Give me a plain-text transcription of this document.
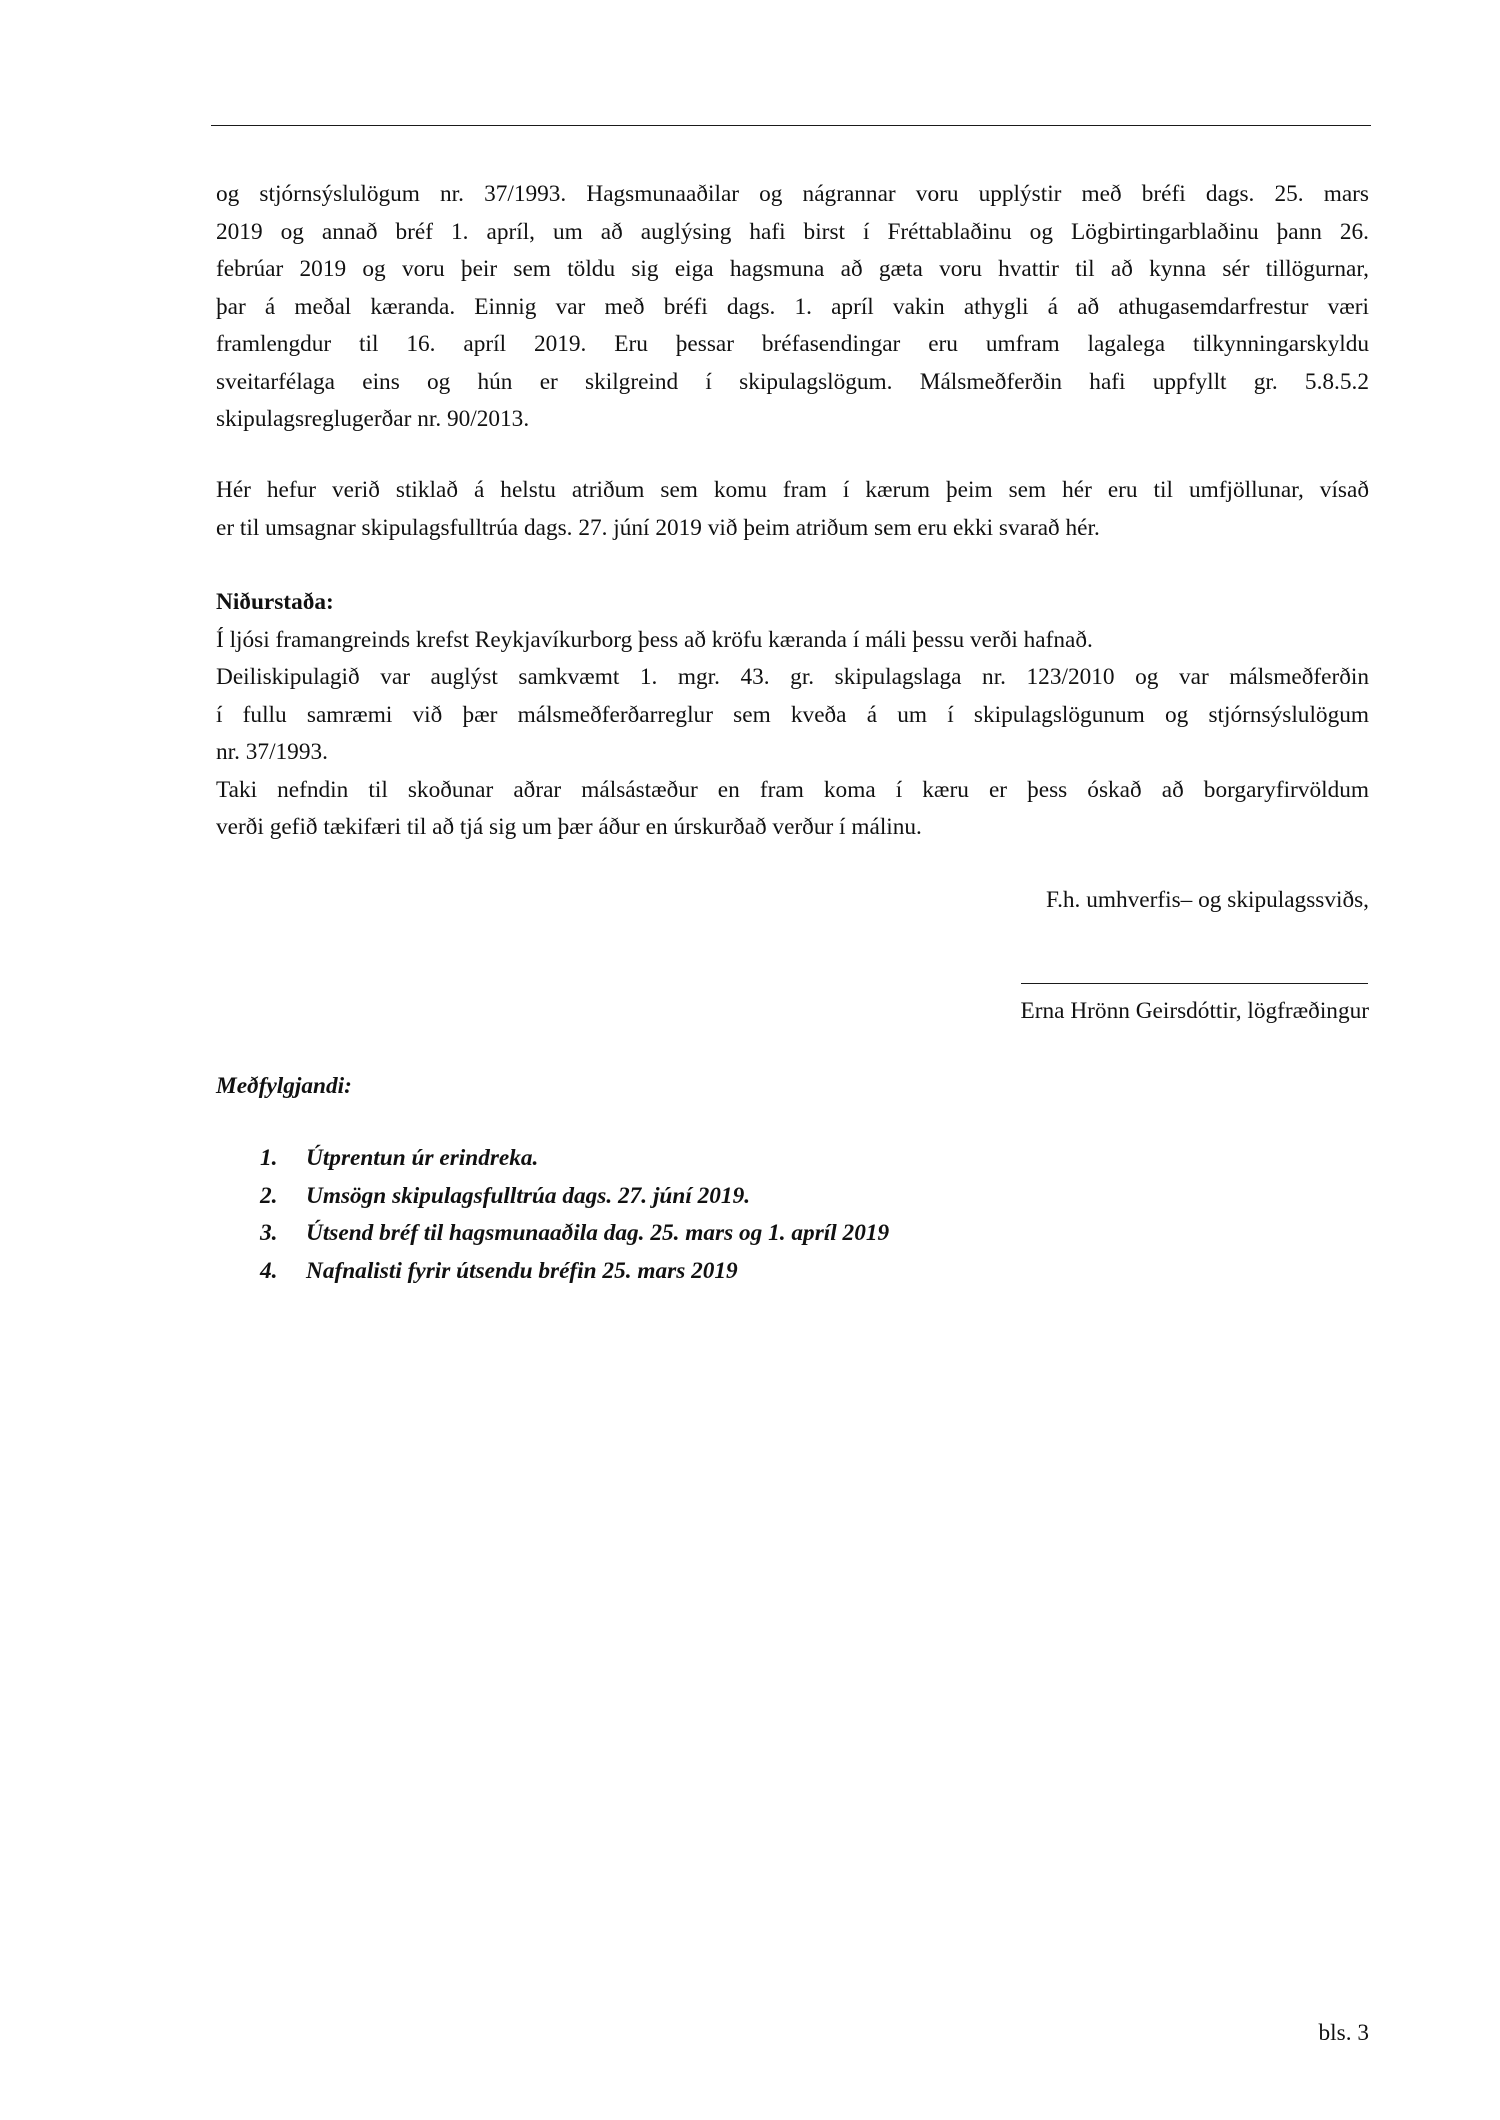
og stjórnsýslulögum nr. 37/1993. Hagsmunaaðilar og nágrannar voru upplýstir með bréfi dags. 25. mars
2019 og annað bréf 1. apríl, um að auglýsing hafi birst í Fréttablaðinu og Lögbirtingarblaðinu þann 26.
febrúar 2019 og voru þeir sem töldu sig eiga hagsmuna að gæta voru hvattir til að kynna sér tillögurnar,
þar á meðal kæranda. Einnig var með bréfi dags. 1. apríl vakin athygli á að athugasemdarfrestur væri
framlengdur til 16. apríl 2019. Eru þessar bréfasendingar eru umfram lagalega tilkynningarskyldu
sveitarfélaga eins og hún er skilgreind í skipulagslögum. Málsmeðferðin hafi uppfyllt gr. 5.8.5.2
skipulagsreglugerðar nr. 90/2013.
Hér hefur verið stiklað á helstu atriðum sem komu fram í kærum þeim sem hér eru til umfjöllunar, vísað
er til umsagnar skipulagsfulltrúa dags. 27. júní 2019 við þeim atriðum sem eru ekki svarað hér.
Niðurstaða:
Í ljósi framangreinds krefst Reykjavíkurborg þess að kröfu kæranda í máli þessu verði hafnað.
Deiliskipulagið var auglýst samkvæmt 1. mgr. 43. gr. skipulagslaga nr. 123/2010 og var málsmeðferðin
í fullu samræmi við þær málsmeðferðarreglur sem kveða á um í skipulagslögunum og stjórnsýslulögum
nr. 37/1993.
Taki nefndin til skoðunar aðrar málsástæður en fram koma í kæru er þess óskað að borgaryfirvöldum
verði gefið tækifæri til að tjá sig um þær áður en úrskurðað verður í málinu.
F.h. umhverfis– og skipulagssviðs,
Erna Hrönn Geirsdóttir, lögfræðingur
Meðfylgjandi:
1.	Útprentun úr erindreka.
2.	Umsögn skipulagsfulltrúa dags. 27. júní 2019.
3.	Útsend bréf til hagsmunaaðila dag. 25. mars og 1. apríl 2019
4.	Nafnalisti fyrir útsendu bréfin 25. mars 2019
bls. 3
